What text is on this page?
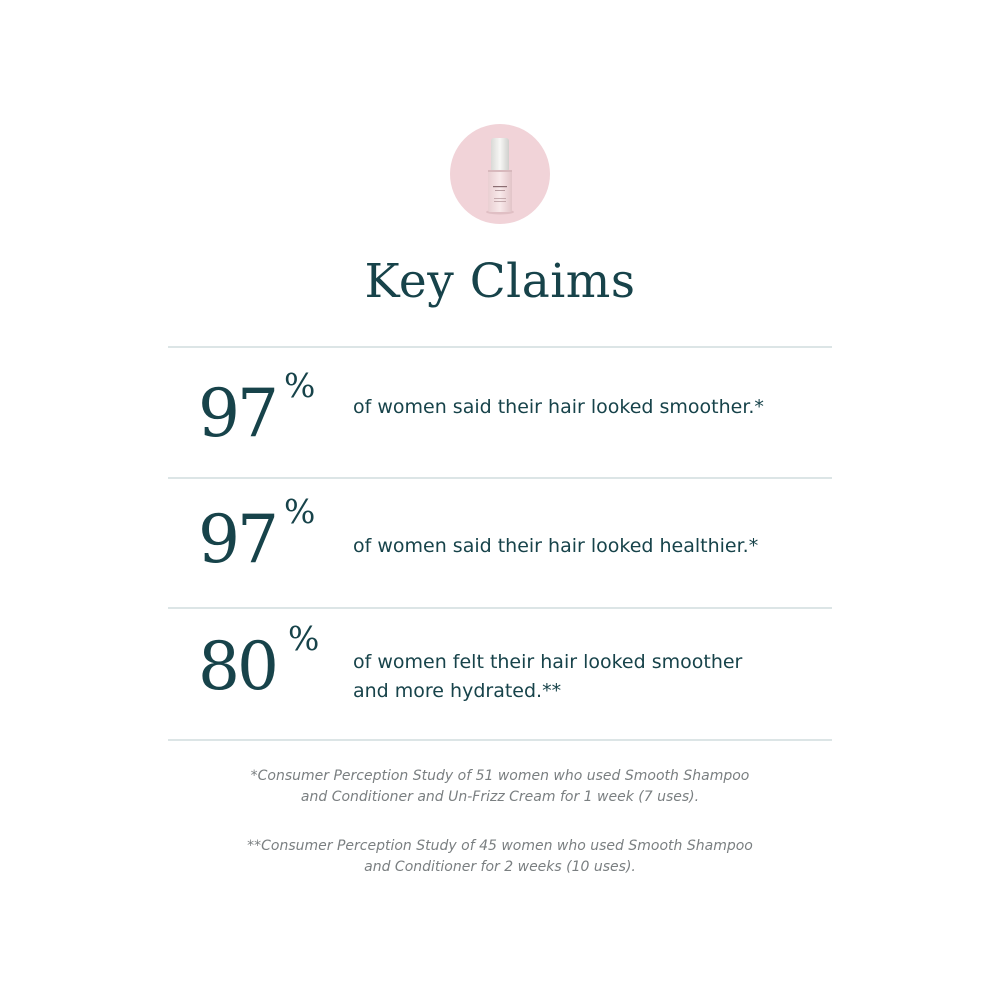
Key Claims
97 %
of women said their hair looked smoother.*
97 %
of women said their hair looked healthier.*
80 %
of women felt their hair looked smoother
and more hydrated.**
*Consumer Perception Study of 51 women who used Smooth Shampoo
and Conditioner and Un-Frizz Cream for 1 week (7 uses).
**Consumer Perception Study of 45 women who used Smooth Shampoo
and Conditioner for 2 weeks (10 uses).
